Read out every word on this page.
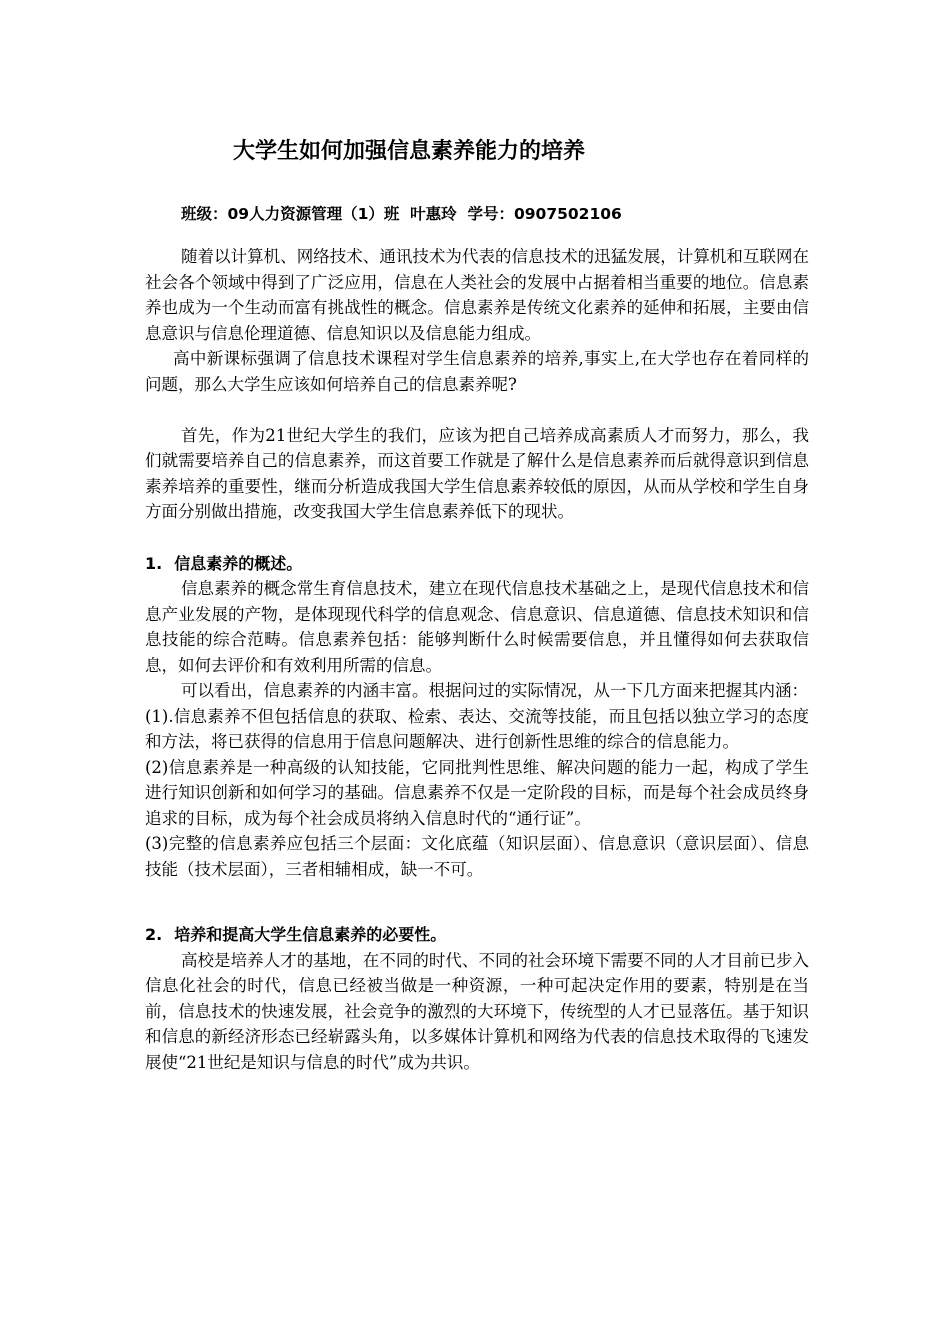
大学生如何加强信息素养能力的培养
班级：09人力资源管理（1）班 叶惠玲 学号：0907502106

随着以计算机、网络技术、通讯技术为代表的信息技术的迅猛发展，计算机和互联网在社会各个领域中得到了广泛应用，信息在人类社会的发展中占据着相当重要的地位。信息素养也成为一个生动而富有挑战性的概念。信息素养是传统文化素养的延伸和拓展，主要由信息意识与信息伦理道德、信息知识以及信息能力组成。

高中新课标强调了信息技术课程对学生信息素养的培养,事实上,在大学也存在着同样的问题，那么大学生应该如何培养自己的信息素养呢?

首先，作为21世纪大学生的我们，应该为把自己培养成高素质人才而努力，那么，我们就需要培养自己的信息素养，而这首要工作就是了解什么是信息素养而后就得意识到信息素养培养的重要性，继而分析造成我国大学生信息素养较低的原因，从而从学校和学生自身方面分别做出措施，改变我国大学生信息素养低下的现状。

1. 信息素养的概述。

信息素养的概念常生育信息技术，建立在现代信息技术基础之上，是现代信息技术和信息产业发展的产物，是体现现代科学的信息观念、信息意识、信息道德、信息技术知识和信息技能的综合范畴。信息素养包括：能够判断什么时候需要信息，并且懂得如何去获取信息，如何去评价和有效利用所需的信息。

可以看出，信息素养的内涵丰富。根据问过的实际情况，从一下几方面来把握其内涵：

(1).信息素养不但包括信息的获取、检索、表达、交流等技能，而且包括以独立学习的态度和方法，将已获得的信息用于信息问题解决、进行创新性思维的综合的信息能力。

(2)信息素养是一种高级的认知技能，它同批判性思维、解决问题的能力一起，构成了学生进行知识创新和如何学习的基础。信息素养不仅是一定阶段的目标，而是每个社会成员终身追求的目标，成为每个社会成员将纳入信息时代的“通行证”。

(3)完整的信息素养应包括三个层面：文化底蕴（知识层面）、信息意识（意识层面）、信息技能（技术层面），三者相辅相成，缺一不可。

2. 培养和提高大学生信息素养的必要性。

高校是培养人才的基地，在不同的时代、不同的社会环境下需要不同的人才目前已步入信息化社会的时代，信息已经被当做是一种资源，一种可起决定作用的要素，特别是在当前，信息技术的快速发展，社会竞争的激烈的大环境下，传统型的人才已显落伍。基于知识和信息的新经济形态已经崭露头角，以多媒体计算机和网络为代表的信息技术取得的飞速发展使“21世纪是知识与信息的时代”成为共识。
